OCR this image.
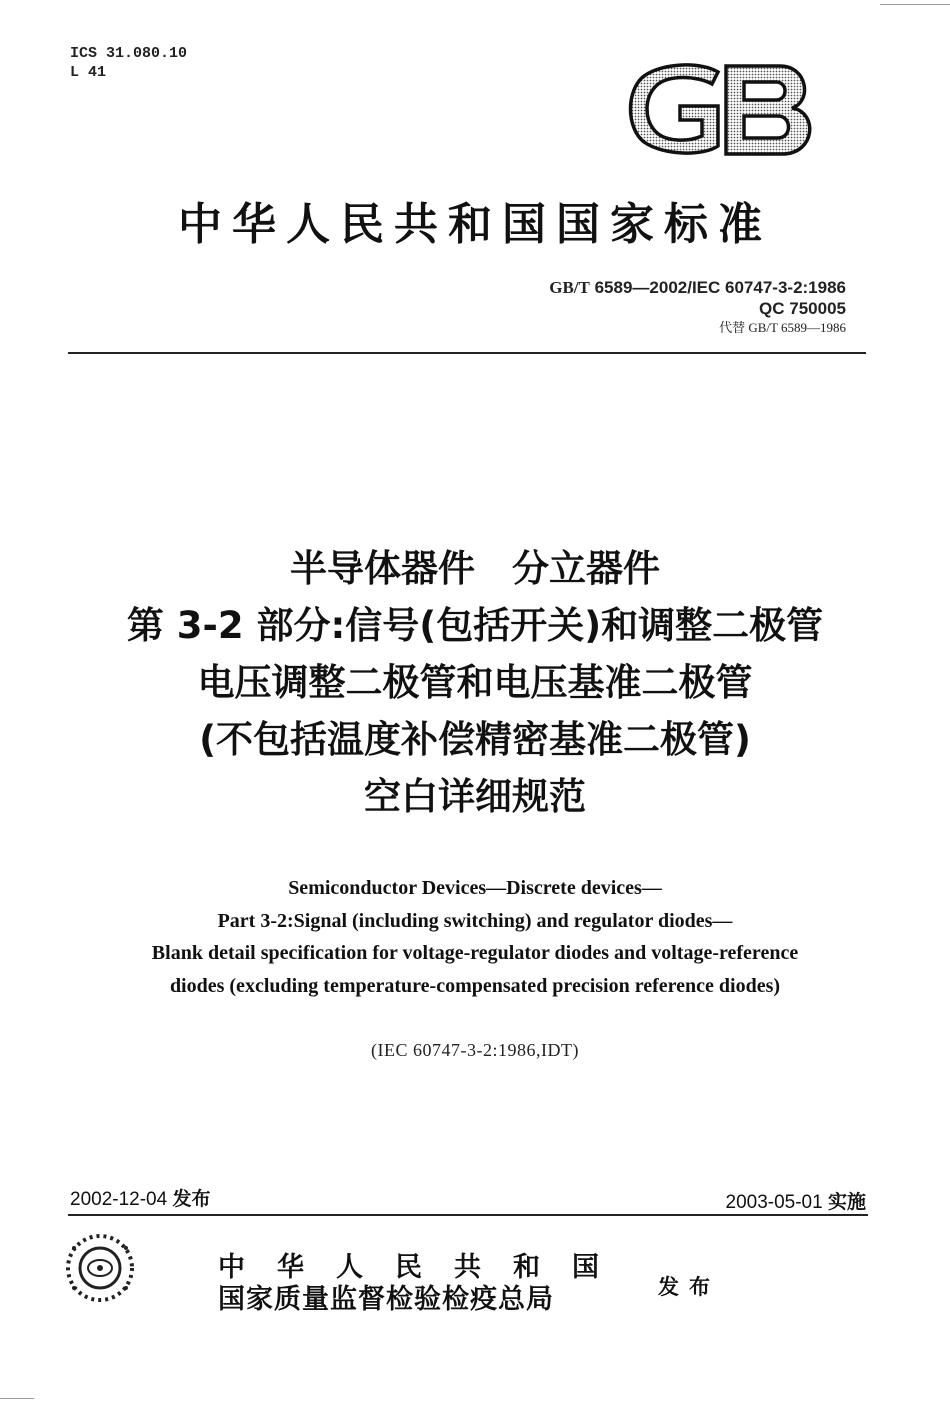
ICS 31.080.10
L 41
中华人民共和国国家标准
GB/T 6589—2002/IEC 60747-3-2:1986
QC 750005
代替 GB/T 6589—1986
半导体器件　分立器件
第 3-2 部分:信号(包括开关)和调整二极管
电压调整二极管和电压基准二极管
(不包括温度补偿精密基准二极管)
空白详细规范
Semiconductor Devices—Discrete devices—
Part 3-2:Signal (including switching) and regulator diodes—
Blank detail specification for voltage-regulator diodes and voltage-reference
diodes (excluding temperature-compensated precision reference diodes)
(IEC 60747-3-2:1986,IDT)
2002-12-04 发布	2003-05-01 实施
中华人民共和国
国家质量监督检验检疫总局	发布
